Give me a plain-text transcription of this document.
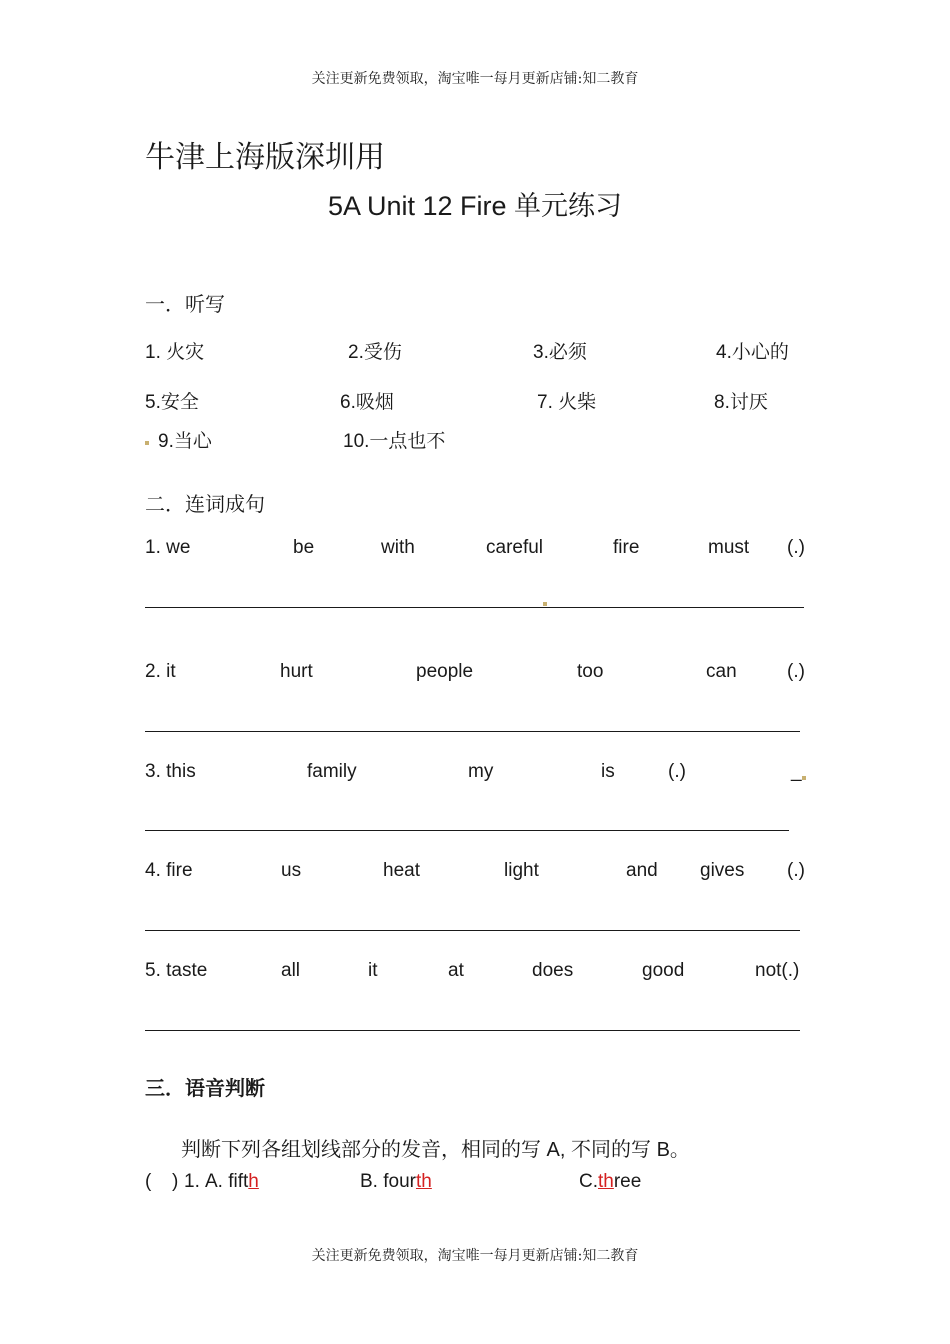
关注更新免费领取，淘宝唯一每月更新店铺:知二教育
牛津上海版深圳用
5A Unit 12 Fire 单元练习
一．听写
1. 火灾	2.受伤	3.必须	4.小心的
5.安全	6.吸烟	7. 火柴	8.讨厌
9.当心	10.一点也不
二．连词成句
1. we	be	with	careful	fire	must (.)
2. it	hurt	people	too	can	(.)
3. this	family	my	is	(.)	_
4. fire	us	heat	light	and gives (.)
5. taste	all	it	at	does	good	not(.)
三．语音判断
判断下列各组划线部分的发音，相同的写 A, 不同的写 B。
( ) 1. A. fifth	B. fourth	C.three
关注更新免费领取，淘宝唯一每月更新店铺:知二教育
